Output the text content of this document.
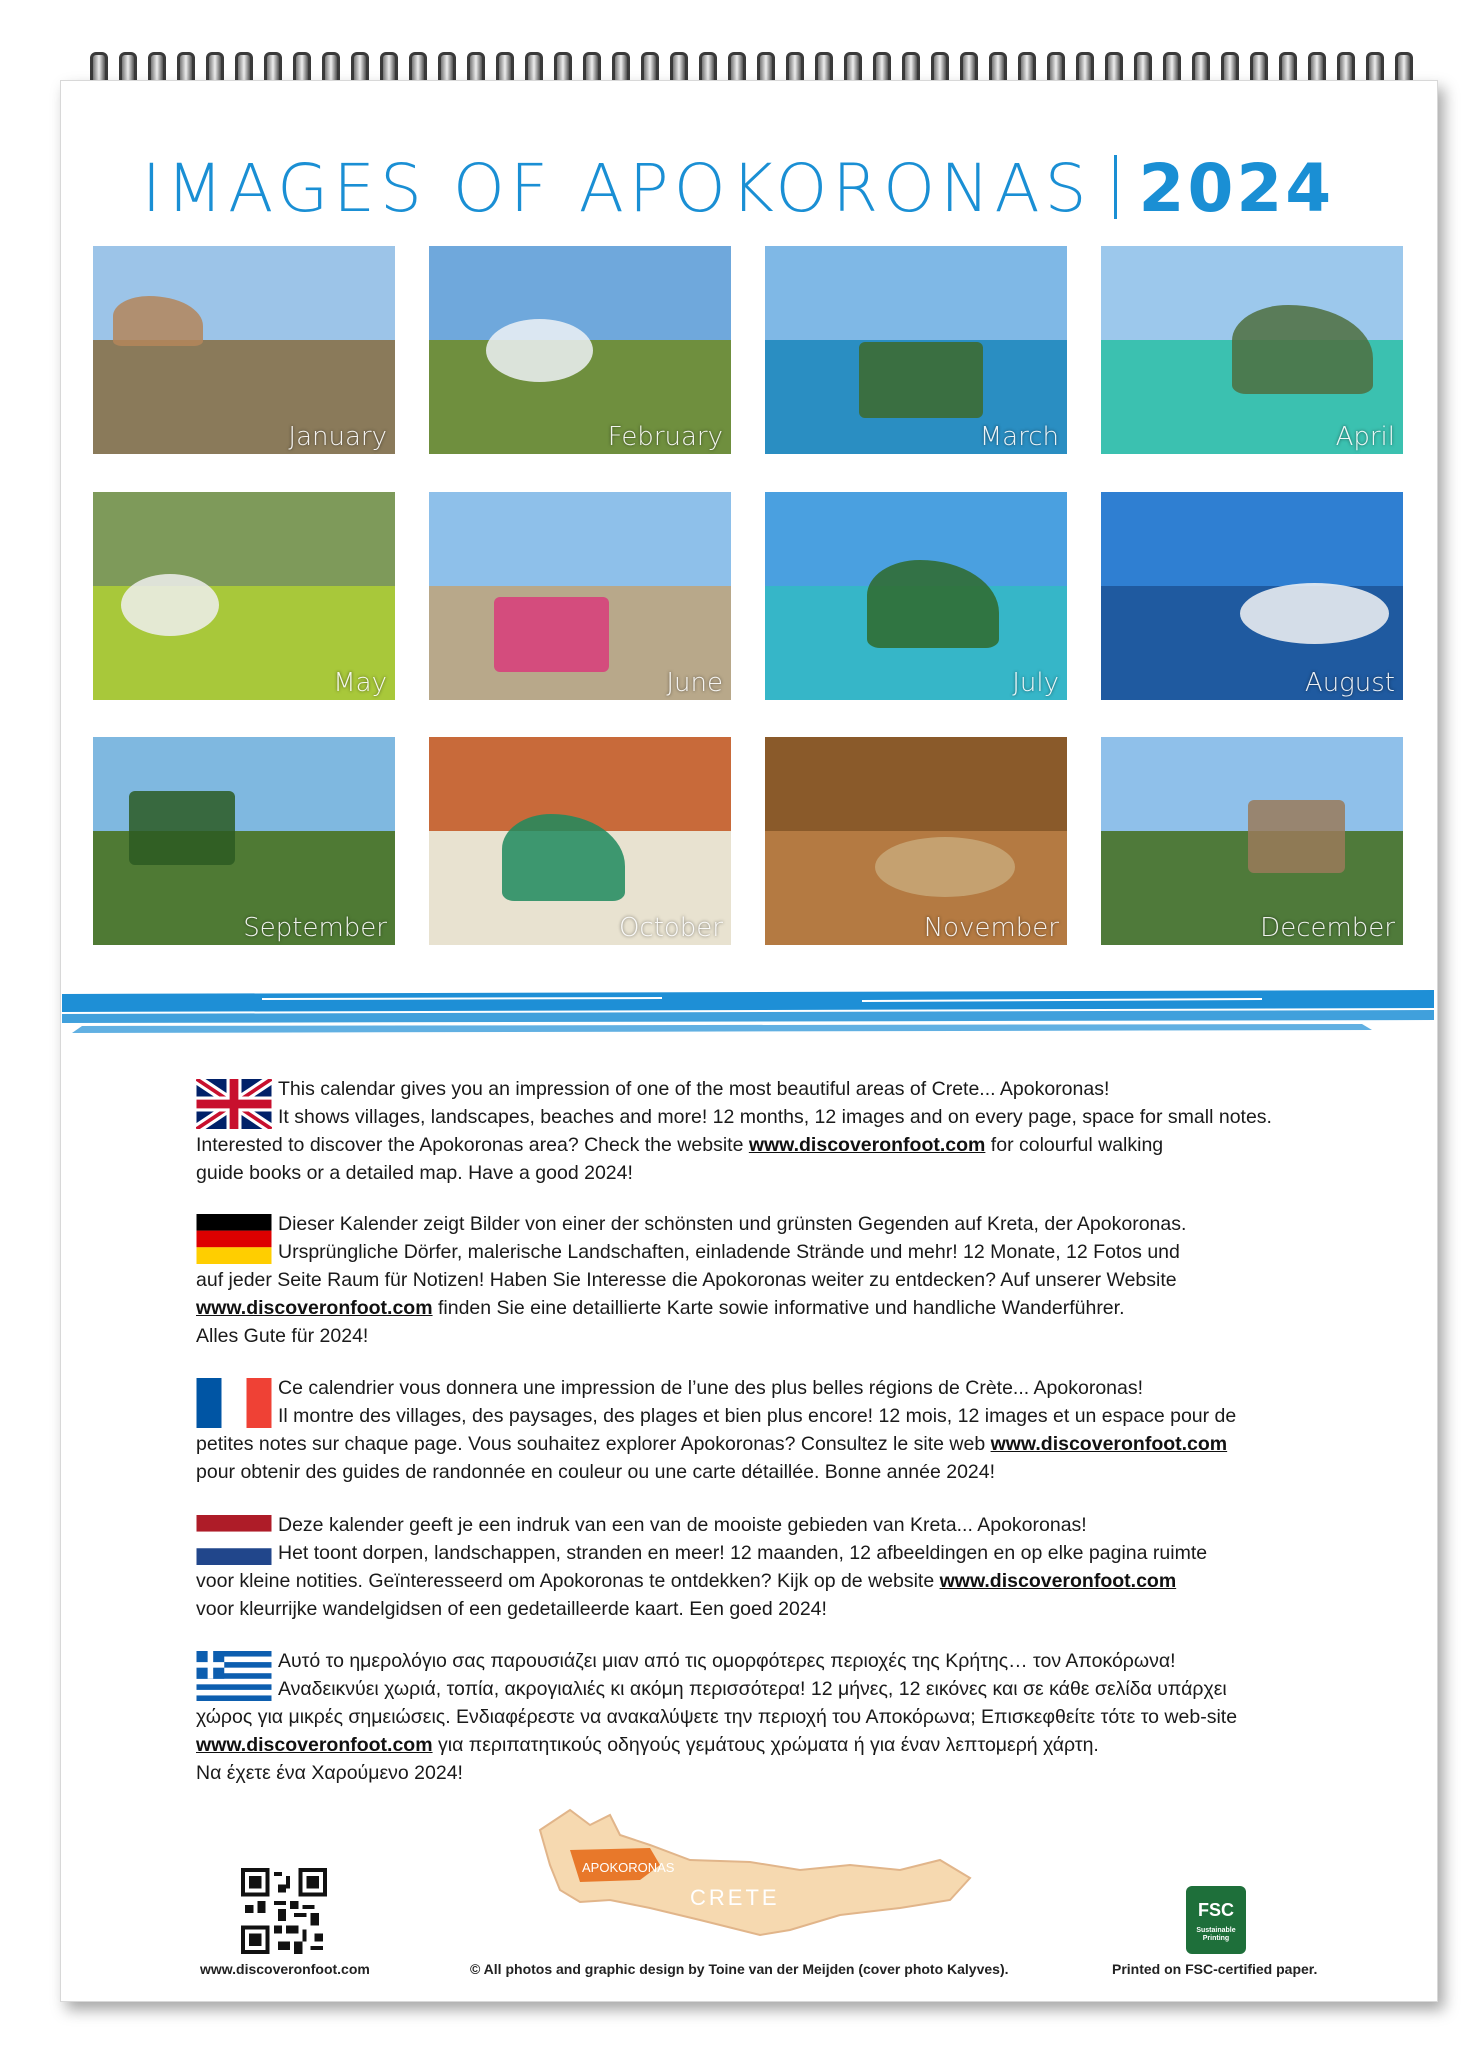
IMAGES OF APOKORONAS 2024
January	February	March	April
May	June	July	August
September	October	November	December
This calendar gives you an impression of one of the most beautiful areas of Crete... Apokoronas!
It shows villages, landscapes, beaches and more! 12 months, 12 images and on every page, space for small notes.
Interested to discover the Apokoronas area? Check the website www.discoveronfoot.com for colourful walking
guide books or a detailed map. Have a good 2024!
Dieser Kalender zeigt Bilder von einer der schönsten und grünsten Gegenden auf Kreta, der Apokoronas.
Ursprüngliche Dörfer, malerische Landschaften, einladende Strände und mehr! 12 Monate, 12 Fotos und
auf jeder Seite Raum für Notizen! Haben Sie Interesse die Apokoronas weiter zu entdecken? Auf unserer Website
www.discoveronfoot.com finden Sie eine detaillierte Karte sowie informative und handliche Wanderführer.
Alles Gute für 2024!
Ce calendrier vous donnera une impression de l’une des plus belles régions de Crète... Apokoronas!
Il montre des villages, des paysages, des plages et bien plus encore! 12 mois, 12 images et un espace pour de
petites notes sur chaque page. Vous souhaitez explorer Apokoronas? Consultez le site web www.discoveronfoot.com
pour obtenir des guides de randonnée en couleur ou une carte détaillée. Bonne année 2024!
Deze kalender geeft je een indruk van een van de mooiste gebieden van Kreta... Apokoronas!
Het toont dorpen, landschappen, stranden en meer! 12 maanden, 12 afbeeldingen en op elke pagina ruimte
voor kleine notities. Geïnteresseerd om Apokoronas te ontdekken? Kijk op de website www.discoveronfoot.com
voor kleurrijke wandelgidsen of een gedetailleerde kaart. Een goed 2024!
Αυτό το ημερολόγιο σας παρουσιάζει μιαν από τις ομορφότερες περιοχές της Κρήτης… τον Αποκόρωνα!
Αναδεικνύει χωριά, τοπία, ακρογιαλιές κι ακόμη περισσότερα! 12 μήνες, 12 εικόνες και σε κάθε σελίδα υπάρχει
χώρος για μικρές σημειώσεις. Ενδιαφέρεστε να ανακαλύψετε την περιοχή του Αποκόρωνα; Επισκεφθείτε τότε το web-site
www.discoveronfoot.com για περιπατητικούς οδηγούς γεμάτους χρώματα ή για έναν λεπτομερή χάρτη.
Να έχετε ένα Χαρούμενο 2024!
APOKORONAS
CRETE	FSC
Sustainable Printing
www.discoveronfoot.com	© All photos and graphic design by Toine van der Meijden (cover photo Kalyves).	Printed on FSC-certified paper.
